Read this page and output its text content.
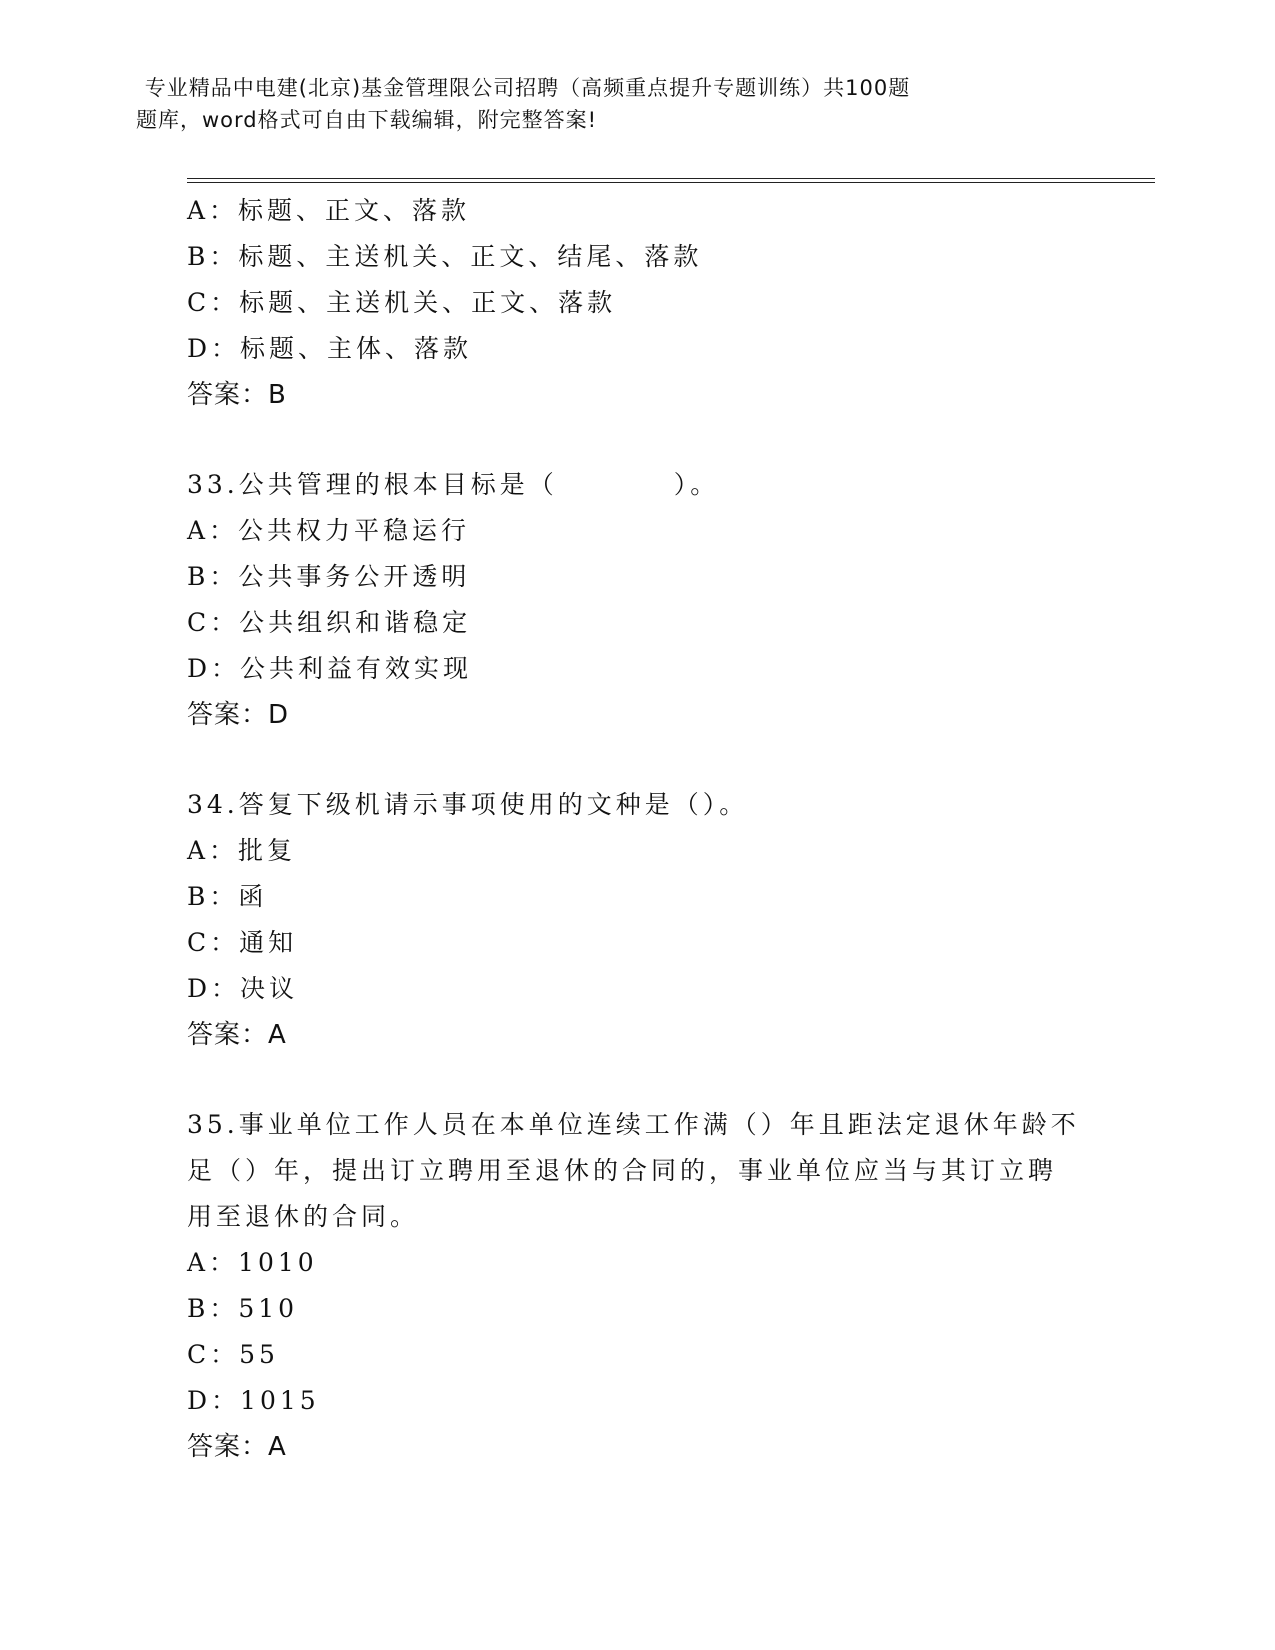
专业精品中电建(北京)基金管理限公司招聘（高频重点提升专题训练）共100题
题库，word格式可自由下载编辑，附完整答案!
A：标题、正文、落款
B：标题、主送机关、正文、结尾、落款
C：标题、主送机关、正文、落款
D：标题、主体、落款
答案：B
33.公共管理的根本目标是（　　　　）。
A：公共权力平稳运行
B：公共事务公开透明
C：公共组织和谐稳定
D：公共利益有效实现
答案：D
34.答复下级机请示事项使用的文种是（）。
A：批复
B：函
C：通知
D：决议
答案：A
35.事业单位工作人员在本单位连续工作满（）年且距法定退休年龄不
足（）年，提出订立聘用至退休的合同的，事业单位应当与其订立聘
用至退休的合同。
A：1010
B：510
C：55
D：1015
答案：A
